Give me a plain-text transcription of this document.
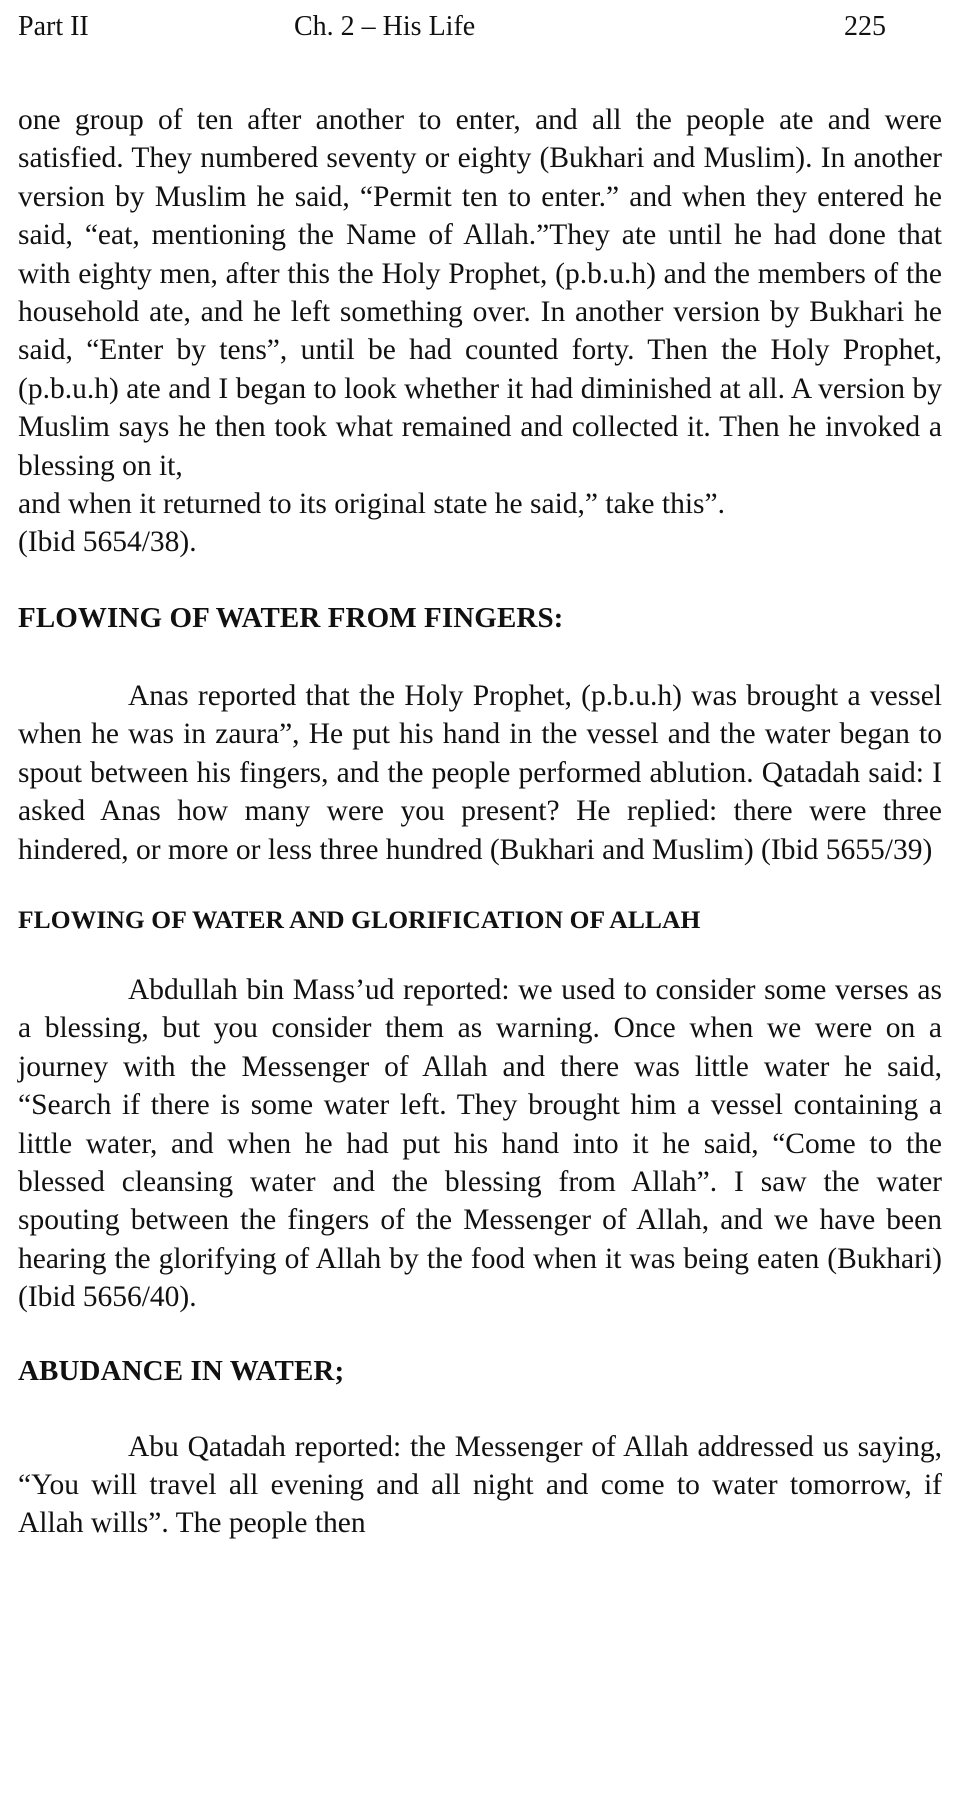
Part II	Ch. 2 – His Life	225

one group of ten after another to enter, and all the people ate and were satisfied. They numbered seventy or eighty (Bukhari and Muslim). In another version by Muslim he said, “Permit ten to enter.” and when they entered he said, “eat, mentioning the Name of Allah.”They ate until he had done that with eighty men, after this the Holy Prophet, (p.b.u.h) and the members of the household ate, and he left something over. In another version by Bukhari he said, “Enter by tens”, until be had counted forty. Then the Holy Prophet, (p.b.u.h) ate and I began to look whether it had diminished at all. A version by Muslim says he then took what remained and collected it. Then he invoked a blessing on it,

and when it returned to its original state he said,” take this”.

(Ibid 5654/38).

FLOWING OF WATER FROM FINGERS:

Anas reported that the Holy Prophet, (p.b.u.h) was brought a vessel when he was in zaura”, He put his hand in the vessel and the water began to spout between his fingers, and the people performed ablution. Qatadah said: I asked Anas how many were you present? He replied: there were three hindered, or more or less three hundred (Bukhari and Muslim) (Ibid 5655/39)

FLOWING OF WATER AND GLORIFICATION OF ALLAH

Abdullah bin Mass’ud reported: we used to consider some verses as a blessing, but you consider them as warning. Once when we were on a journey with the Messenger of Allah and there was little water he said, “Search if there is some water left. They brought him a vessel containing a little water, and when he had put his hand into it he said, “Come to the blessed cleansing water and the blessing from Allah”. I saw the water spouting between the fingers of the Messenger of Allah, and we have been hearing the glorifying of Allah by the food when it was being eaten (Bukhari) (Ibid 5656/40).

ABUDANCE IN WATER;

Abu Qatadah reported: the Messenger of Allah addressed us saying, “You will travel all evening and all night and come to water tomorrow, if Allah wills”. The people then
